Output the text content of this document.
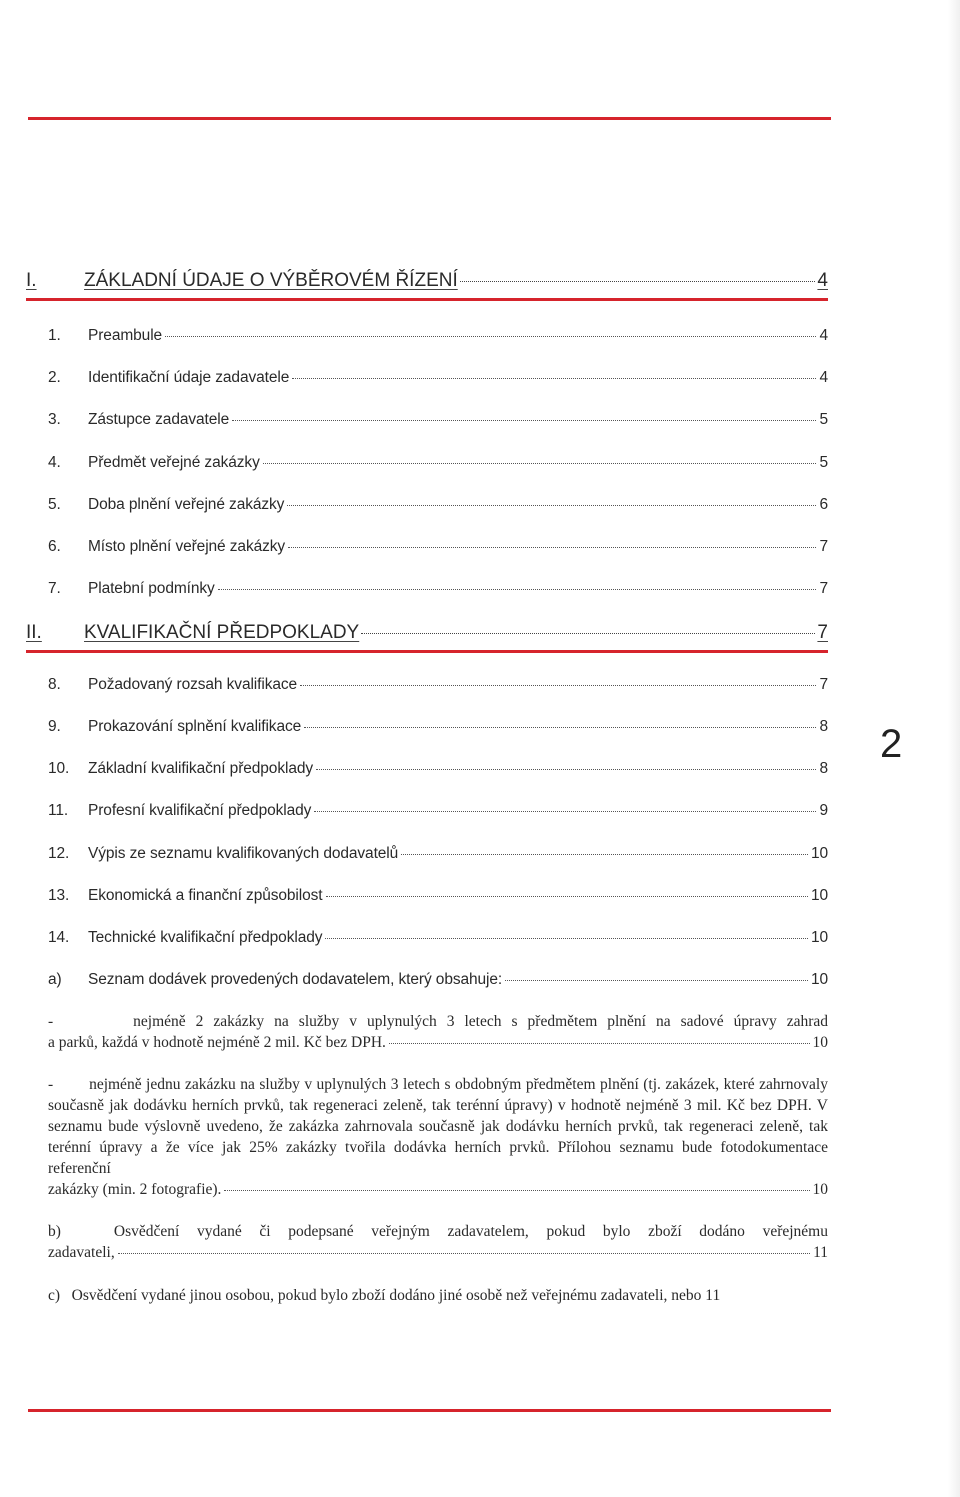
2
I.	ZÁKLADNÍ ÚDAJE O VÝBĚROVÉM ŘÍZENÍ	4
1.	Preambule	4
2.	Identifikační údaje zadavatele	4
3.	Zástupce zadavatele	5
4.	Předmět veřejné zakázky	5
5.	Doba plnění veřejné zakázky	6
6.	Místo plnění veřejné zakázky	7
7.	Platební podmínky	7
II.	KVALIFIKAČNÍ PŘEDPOKLADY	7
8.	Požadovaný rozsah kvalifikace	7
9.	Prokazování splnění kvalifikace	8
10.	Základní kvalifikační předpoklady	8
11.	Profesní kvalifikační předpoklady	9
12.	Výpis ze seznamu kvalifikovaných dodavatelů	10
13.	Ekonomická a finanční způsobilost	10
14.	Technické kvalifikační předpoklady	10
a)	Seznam dodávek provedených dodavatelem, který obsahuje:	10
-        nejméně 2 zakázky na služby v uplynulých 3 letech s předmětem plnění na sadové úpravy zahrad
a parků, každá v hodnotě nejméně 2 mil. Kč bez DPH.	10
-        nejméně jednu zakázku na služby v uplynulých 3 letech s obdobným předmětem plnění (tj. zakázek, které zahrnovaly současně jak dodávku herních prvků, tak regeneraci zeleně, tak terénní úpravy) v hodnotě nejméně 3 mil. Kč bez DPH. V seznamu bude výslovně uvedeno, že zakázka zahrnovala současně jak dodávku herních prvků, tak regeneraci zeleně, tak terénní úpravy a že více jak 25% zakázky tvořila dodávka herních prvků. Přílohou seznamu bude fotodokumentace referenční
zakázky (min. 2 fotografie).	10
b)   Osvědčení vydané či podepsané veřejným zadavatelem, pokud bylo zboží dodáno veřejnému
zadavateli,	11
c)   Osvědčení vydané jinou osobou, pokud bylo zboží dodáno jiné osobě než veřejnému zadavateli, nebo 11
